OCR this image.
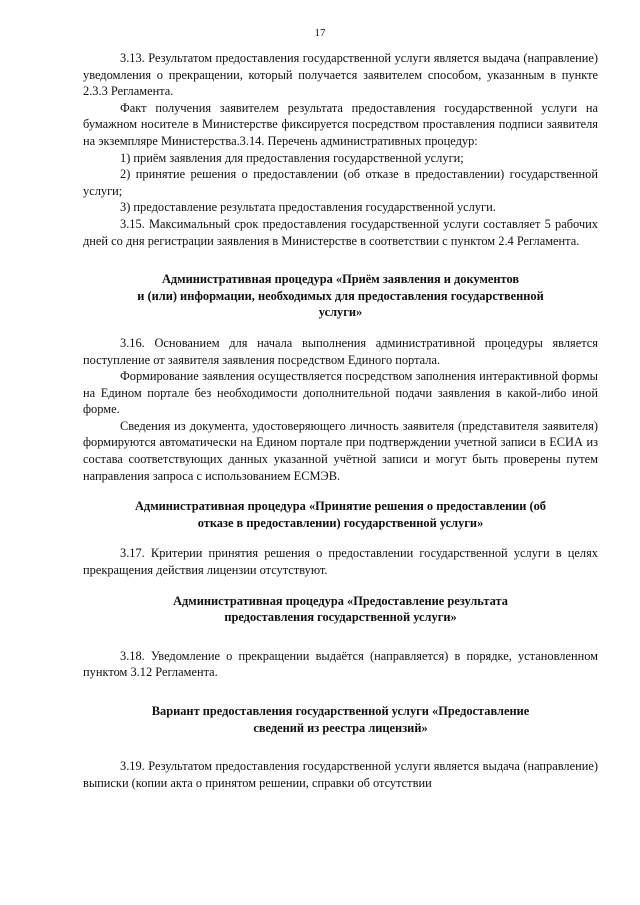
17

3.13. Результатом предоставления государственной услуги является выдача (направление) уведомления о прекращении, который получается заявителем способом, указанным в пункте 2.3.3 Регламента.

Факт получения заявителем результата предоставления государственной услуги на бумажном носителе в Министерстве фиксируется посредством проставления подписи заявителя на экземпляре Министерства.3.14. Перечень административных процедур:

1) приём заявления для предоставления государственной услуги;

2) принятие решения о предоставлении (об отказе в предоставлении) государственной услуги;

3) предоставление результата предоставления государственной услуги.

3.15. Максимальный срок предоставления государственной услуги составляет 5 рабочих дней со дня регистрации заявления в Министерстве в соответствии с пунктом 2.4 Регламента.

Административная процедура «Приём заявления и документов
и (или) информации, необходимых для предоставления государственной
услуги»

3.16. Основанием для начала выполнения административной процедуры является поступление от заявителя заявления посредством Единого портала.

Формирование заявления осуществляется посредством заполнения интерактивной формы на Едином портале без необходимости дополнительной подачи заявления в какой-либо иной форме.

Сведения из документа, удостоверяющего личность заявителя (представителя заявителя) формируются автоматически на Едином портале при подтверждении учетной записи в ЕСИА из состава соответствующих данных указанной учётной записи и могут быть проверены путем направления запроса с использованием ЕСМЭВ.

Административная процедура «Принятие решения о предоставлении (об
отказе в предоставлении) государственной услуги»

3.17. Критерии принятия решения о предоставлении государственной услуги в целях прекращения действия лицензии отсутствуют.

Административная процедура «Предоставление результата
предоставления государственной услуги»

3.18. Уведомление о прекращении выдаётся (направляется) в порядке, установленном пунктом 3.12 Регламента.

Вариант предоставления государственной услуги «Предоставление
сведений из реестра лицензий»

3.19. Результатом предоставления государственной услуги является выдача (направление) выписки (копии акта о принятом решении, справки об отсутствии
